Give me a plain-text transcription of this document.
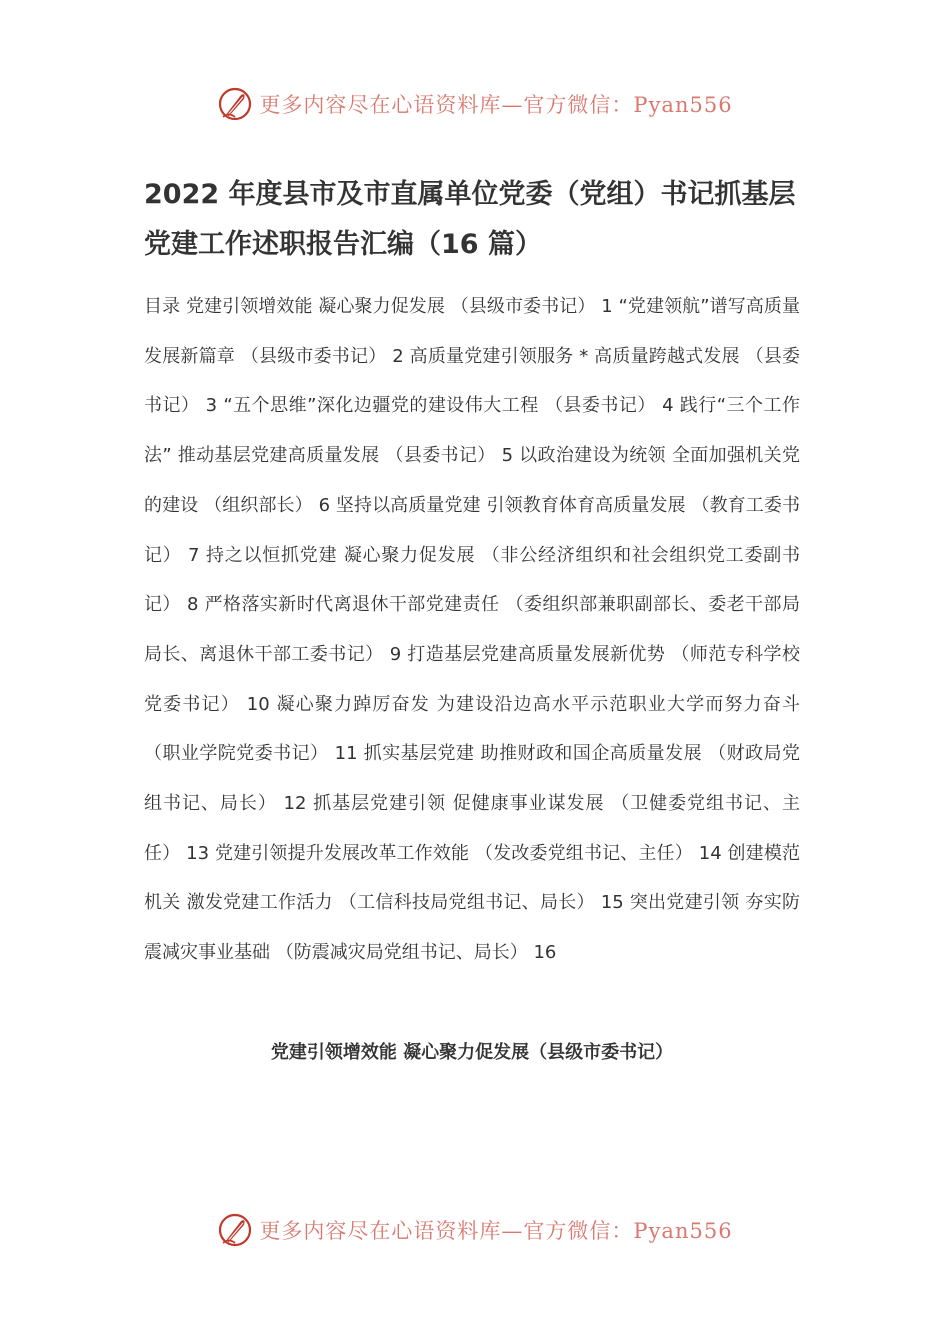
更多内容尽在心语资料库—官方微信：Pyan556
2022 年度县市及市直属单位党委（党组）书记抓基层党建工作述职报告汇编（16 篇）

目录 党建引领增效能 凝心聚力促发展 （县级市委书记） 1 “党建领航”谱写高质量发展新篇章 （县级市委书记） 2 高质量党建引领服务 * 高质量跨越式发展 （县委书记） 3 “五个思维”深化边疆党的建设伟大工程 （县委书记） 4 践行“三个工作法” 推动基层党建高质量发展 （县委书记） 5 以政治建设为统领 全面加强机关党的建设 （组织部长） 6 坚持以高质量党建 引领教育体育高质量发展 （教育工委书记） 7 持之以恒抓党建 凝心聚力促发展 （非公经济组织和社会组织党工委副书记） 8 严格落实新时代离退休干部党建责任 （委组织部兼职副部长、委老干部局局长、离退休干部工委书记） 9 打造基层党建高质量发展新优势 （师范专科学校党委书记） 10 凝心聚力踔厉奋发 为建设沿边高水平示范职业大学而努力奋斗 （职业学院党委书记） 11 抓实基层党建 助推财政和国企高质量发展 （财政局党组书记、局长） 12 抓基层党建引领 促健康事业谋发展 （卫健委党组书记、主任） 13 党建引领提升发展改革工作效能 （发改委党组书记、主任） 14 创建模范机关 激发党建工作活力 （工信科技局党组书记、局长） 15 突出党建引领 夯实防震减灾事业基础 （防震减灾局党组书记、局长） 16

党建引领增效能 凝心聚力促发展（县级市委书记）
更多内容尽在心语资料库—官方微信：Pyan556
